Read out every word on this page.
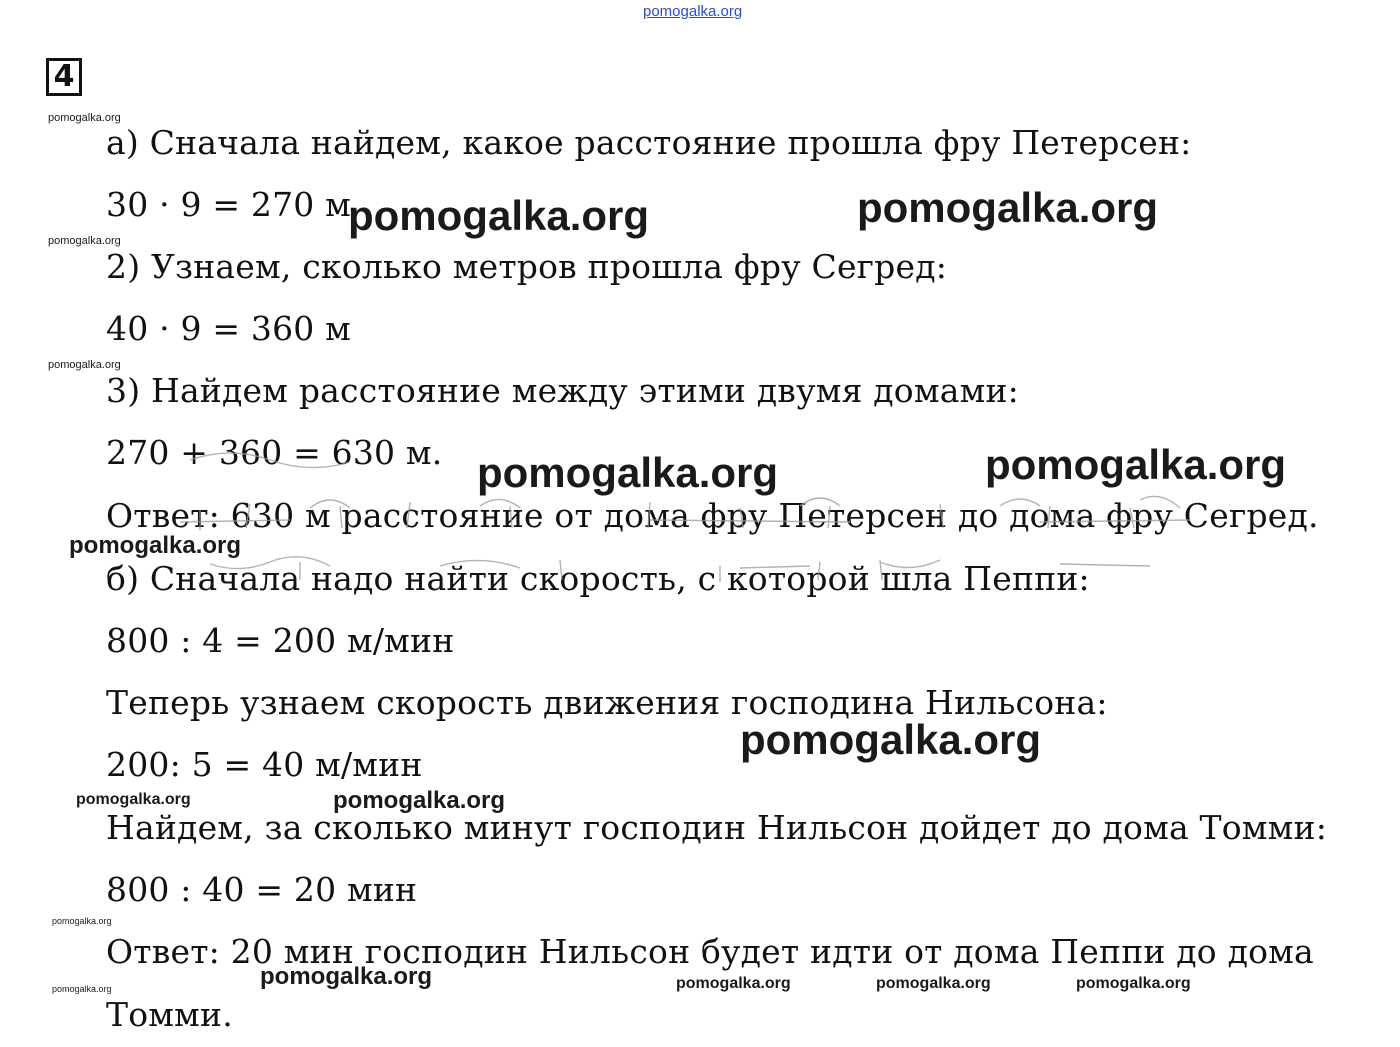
pomogalka.org
4
а) Сначала найдем, какое расстояние прошла фру Петерсен:
30 · 9 = 270 м
2) Узнаем, сколько метров прошла фру Сегред:
40 · 9 = 360 м
3) Найдем расстояние между этими двумя домами:
270 + 360 = 630 м.
Ответ: 630 м расстояние от дома фру Петерсен до дома фру Сегред.
б) Сначала надо найти скорость, с которой шла Пеппи:
800 : 4 = 200 м/мин
Теперь узнаем скорость движения господина Нильсона:
200: 5 = 40 м/мин
Найдем, за сколько минут господин Нильсон дойдет до дома Томми:
800 : 40 = 20 мин
Ответ: 20 мин господин Нильсон будет идти от дома Пеппи до дома
Томми.
pomogalka.org
pomogalka.org	pomogalka.org
pomogalka.org
pomogalka.org
pomogalka.org	pomogalka.org
pomogalka.org
pomogalka.org
pomogalka.org	pomogalka.org
pomogalka.org
pomogalka.org
pomogalka.org	pomogalka.org	pomogalka.org	pomogalka.org
